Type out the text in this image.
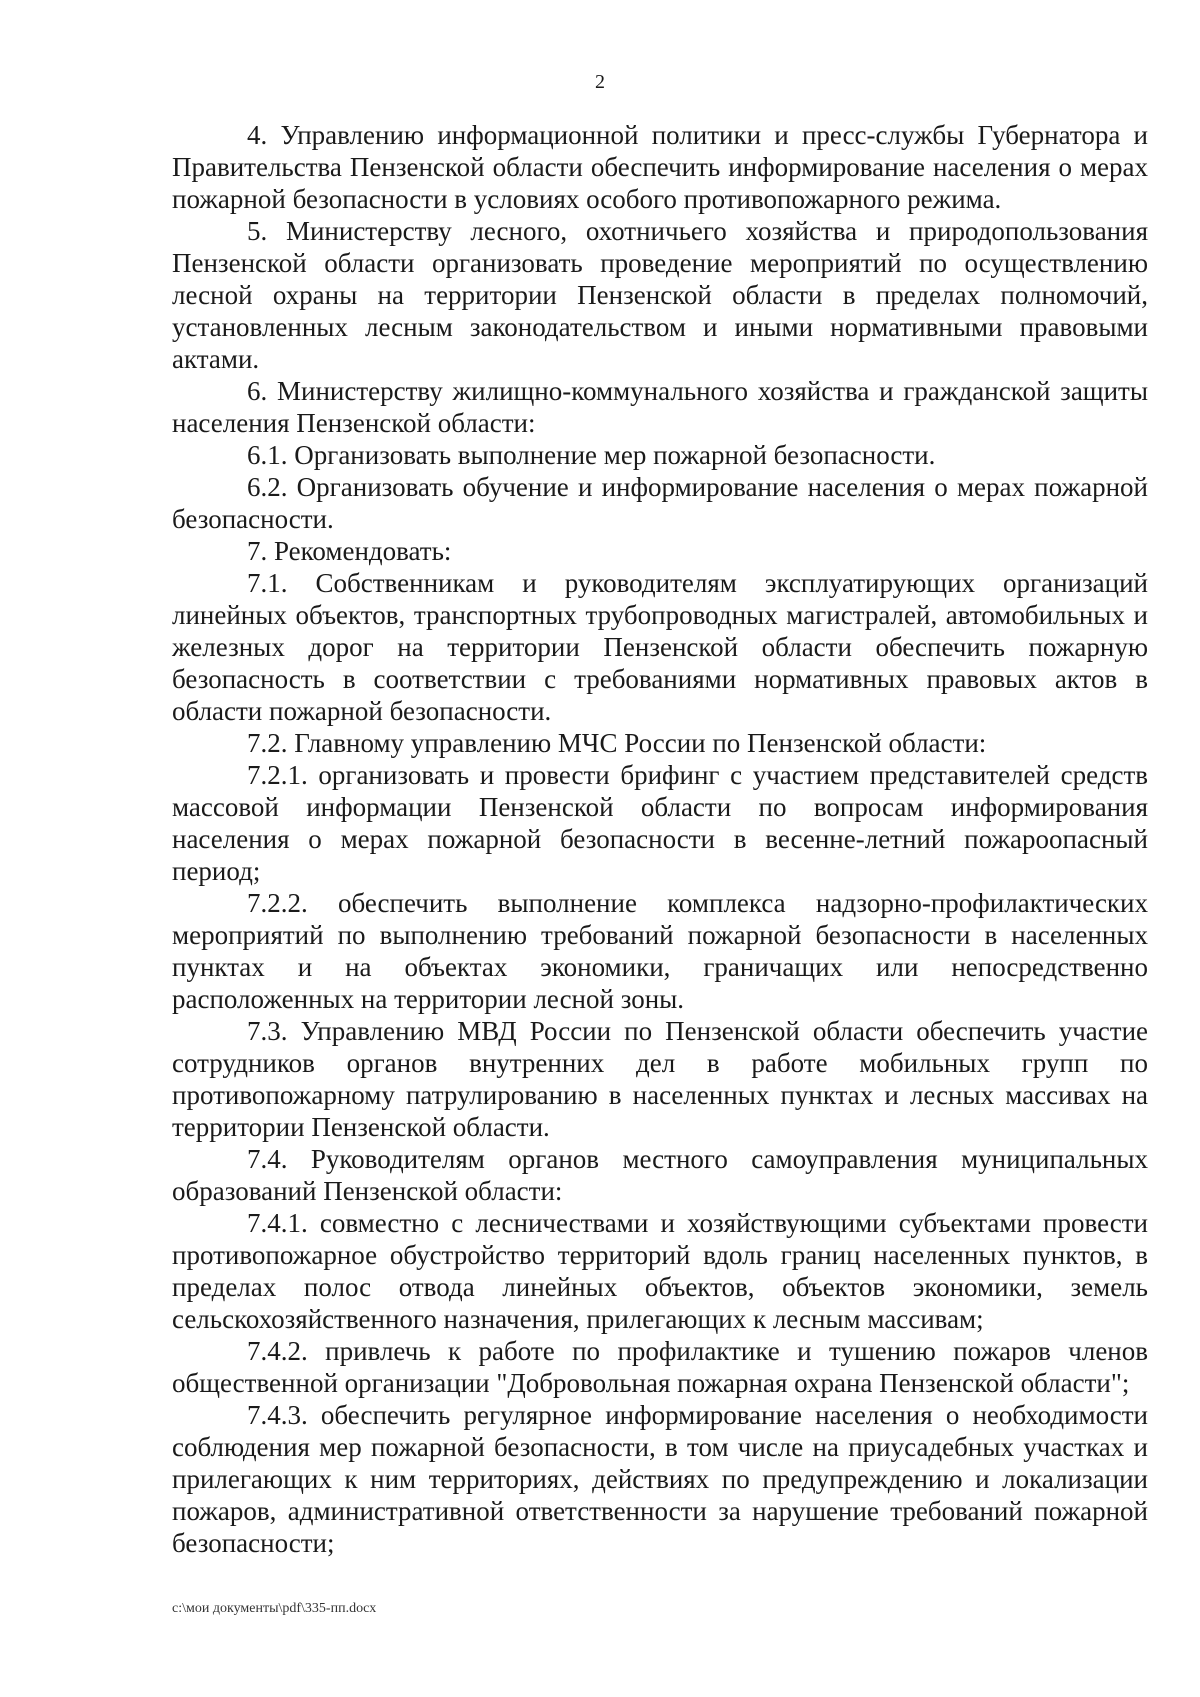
2

4. Управлению информационной политики и пресс-службы Губернатора и Правительства Пензенской области обеспечить информирование населения о мерах пожарной безопасности в условиях особого противопожарного режима.

5. Министерству лесного, охотничьего хозяйства и природопользования Пензенской области организовать проведение мероприятий по осуществлению лесной охраны на территории Пензенской области в пределах полномочий, установленных лесным законодательством и иными нормативными правовыми актами.

6. Министерству жилищно-коммунального хозяйства и гражданской защиты населения Пензенской области:

6.1. Организовать выполнение мер пожарной безопасности.

6.2. Организовать обучение и информирование населения о мерах пожарной безопасности.

7. Рекомендовать:

7.1. Собственникам и руководителям эксплуатирующих организаций линейных объектов, транспортных трубопроводных магистралей, автомобильных и железных дорог на территории Пензенской области обеспечить пожарную безопасность в соответствии с требованиями нормативных правовых актов в области пожарной безопасности.

7.2. Главному управлению МЧС России по Пензенской области:

7.2.1. организовать и провести брифинг с участием представителей средств массовой информации Пензенской области по вопросам информирования населения о мерах пожарной безопасности в весенне-летний пожароопасный период;

7.2.2. обеспечить выполнение комплекса надзорно-профилактических мероприятий по выполнению требований пожарной безопасности в населенных пунктах и на объектах экономики, граничащих или непосредственно расположенных на территории лесной зоны.

7.3. Управлению МВД России по Пензенской области обеспечить участие сотрудников органов внутренних дел в работе мобильных групп по противопожарному патрулированию в населенных пунктах и лесных массивах на территории Пензенской области.

7.4. Руководителям органов местного самоуправления муниципальных образований Пензенской области:

7.4.1. совместно с лесничествами и хозяйствующими субъектами провести противопожарное обустройство территорий вдоль границ населенных пунктов, в пределах полос отвода линейных объектов, объектов экономики, земель сельскохозяйственного назначения, прилегающих к лесным массивам;

7.4.2. привлечь к работе по профилактике и тушению пожаров членов общественной организации "Добровольная пожарная охрана Пензенской области";

7.4.3. обеспечить регулярное информирование населения о необходимости соблюдения мер пожарной безопасности, в том числе на приусадебных участках и прилегающих к ним территориях, действиях по предупреждению и локализации пожаров, административной ответственности за нарушение требований пожарной безопасности;

c:\мои документы\pdf\335-пп.docx
